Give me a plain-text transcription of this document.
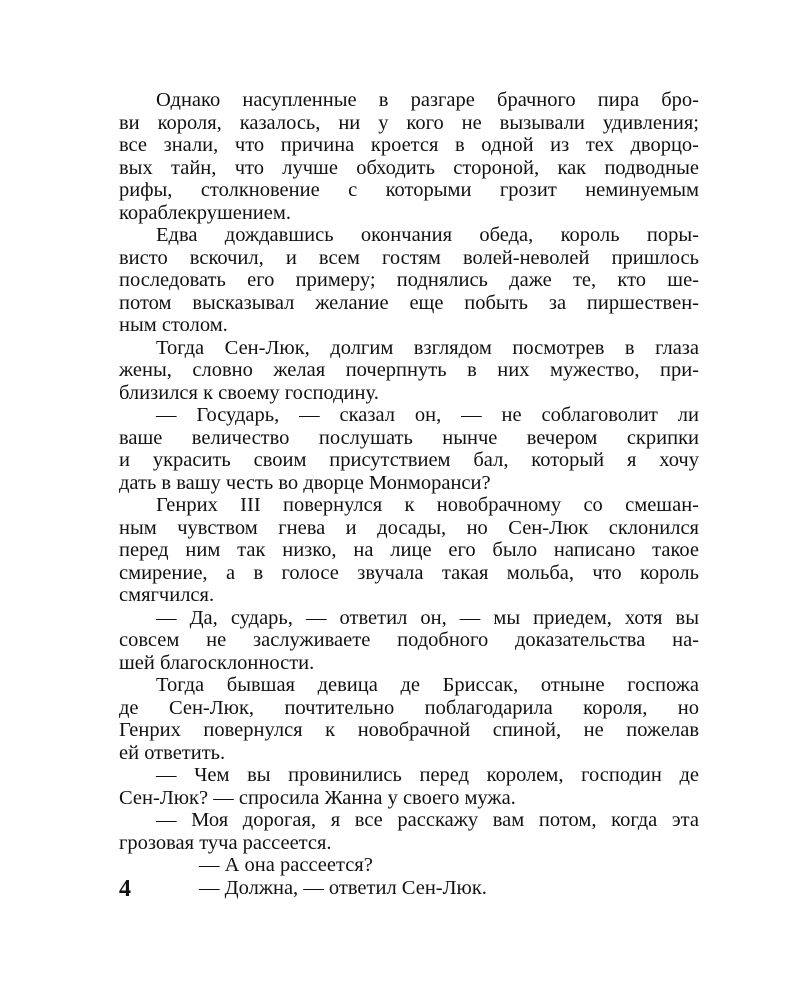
Однако насупленные в разгаре брачного пира бро-
ви короля, казалось, ни у кого не вызывали удивления;
все знали, что причина кроется в одной из тех дворцо-
вых тайн, что лучше обходить стороной, как подводные
рифы, столкновение с которыми грозит неминуемым
кораблекрушением.
Едва дождавшись окончания обеда, король поры-
висто вскочил, и всем гостям волей-неволей пришлось
последовать его примеру; поднялись даже те, кто ше-
потом высказывал желание еще побыть за пиршествен-
ным столом.
Тогда Сен-Люк, долгим взглядом посмотрев в глаза
жены, словно желая почерпнуть в них мужество, при-
близился к своему господину.
— Государь, — сказал он, — не соблаговолит ли
ваше величество послушать нынче вечером скрипки
и украсить своим присутствием бал, который я хочу
дать в вашу честь во дворце Монморанси?
Генрих III повернулся к новобрачному со смешан-
ным чувством гнева и досады, но Сен-Люк склонился
перед ним так низко, на лице его было написано такое
смирение, а в голосе звучала такая мольба, что король
смягчился.
— Да, сударь, — ответил он, — мы приедем, хотя вы
совсем не заслуживаете подобного доказательства на-
шей благосклонности.
Тогда бывшая девица де Бриссак, отныне госпожа
де Сен-Люк, почтительно поблагодарила короля, но
Генрих повернулся к новобрачной спиной, не пожелав
ей ответить.
— Чем вы провинились перед королем, господин де
Сен-Люк? — спросила Жанна у своего мужа.
— Моя дорогая, я все расскажу вам потом, когда эта
грозовая туча рассеется.
— А она рассеется?
— Должна, — ответил Сен-Люк.
4
